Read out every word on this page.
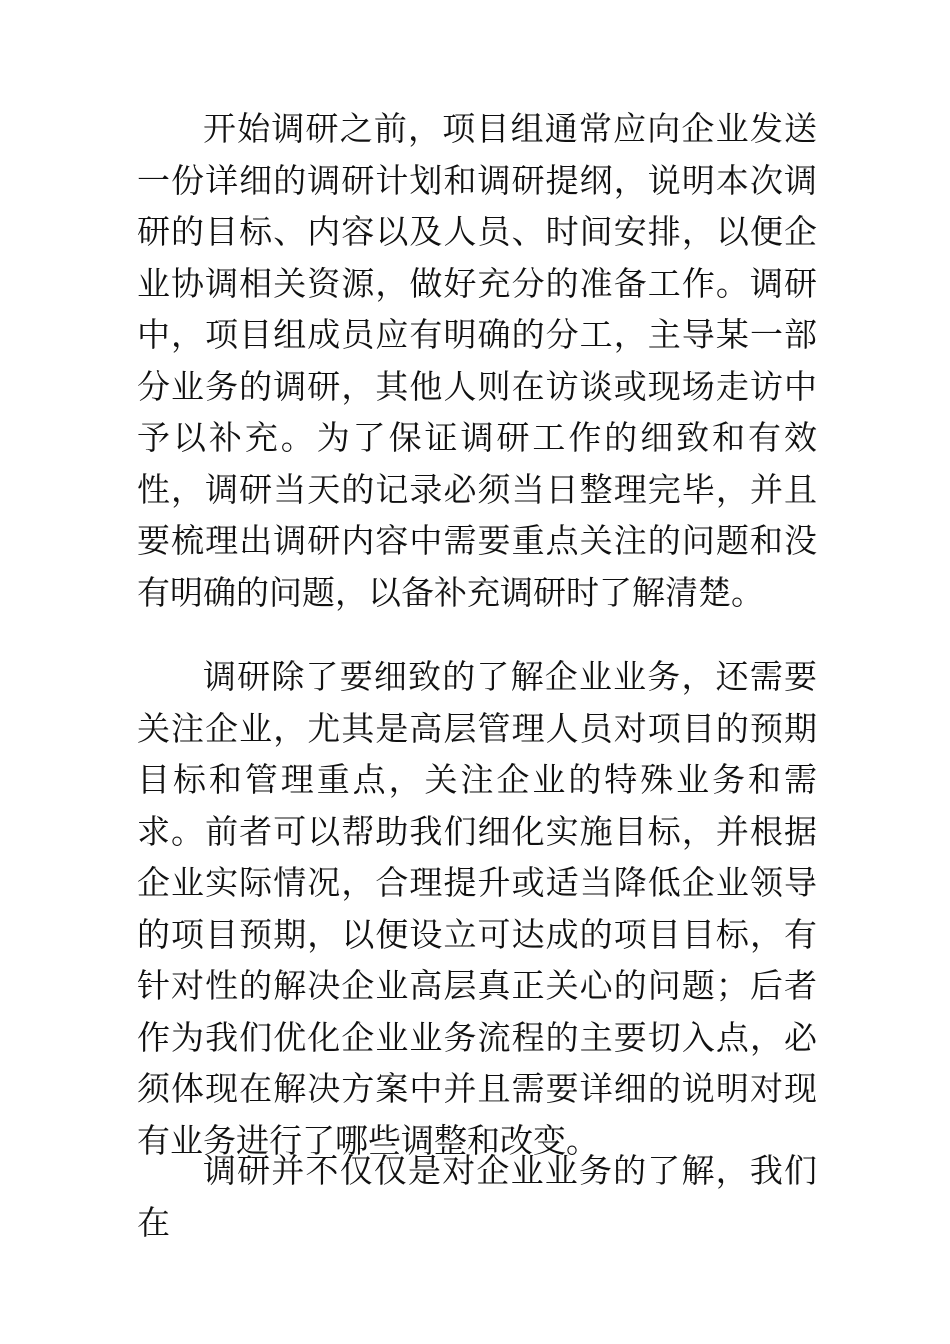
开始调研之前，项目组通常应向企业发送一份详细的调研计划和调研提纲，说明本次调研的目标、内容以及人员、时间安排，以便企业协调相关资源，做好充分的准备工作。调研中，项目组成员应有明确的分工，主导某一部分业务的调研，其他人则在访谈或现场走访中予以补充。为了保证调研工作的细致和有效性，调研当天的记录必须当日整理完毕，并且要梳理出调研内容中需要重点关注的问题和没有明确的问题，以备补充调研时了解清楚。

调研除了要细致的了解企业业务，还需要关注企业，尤其是高层管理人员对项目的预期目标和管理重点，关注企业的特殊业务和需求。前者可以帮助我们细化实施目标，并根据企业实际情况，合理提升或适当降低企业领导的项目预期，以便设立可达成的项目目标，有针对性的解决企业高层真正关心的问题；后者作为我们优化企业业务流程的主要切入点，必须体现在解决方案中并且需要详细的说明对现有业务进行了哪些调整和改变。

调研并不仅仅是对企业业务的了解，我们在
